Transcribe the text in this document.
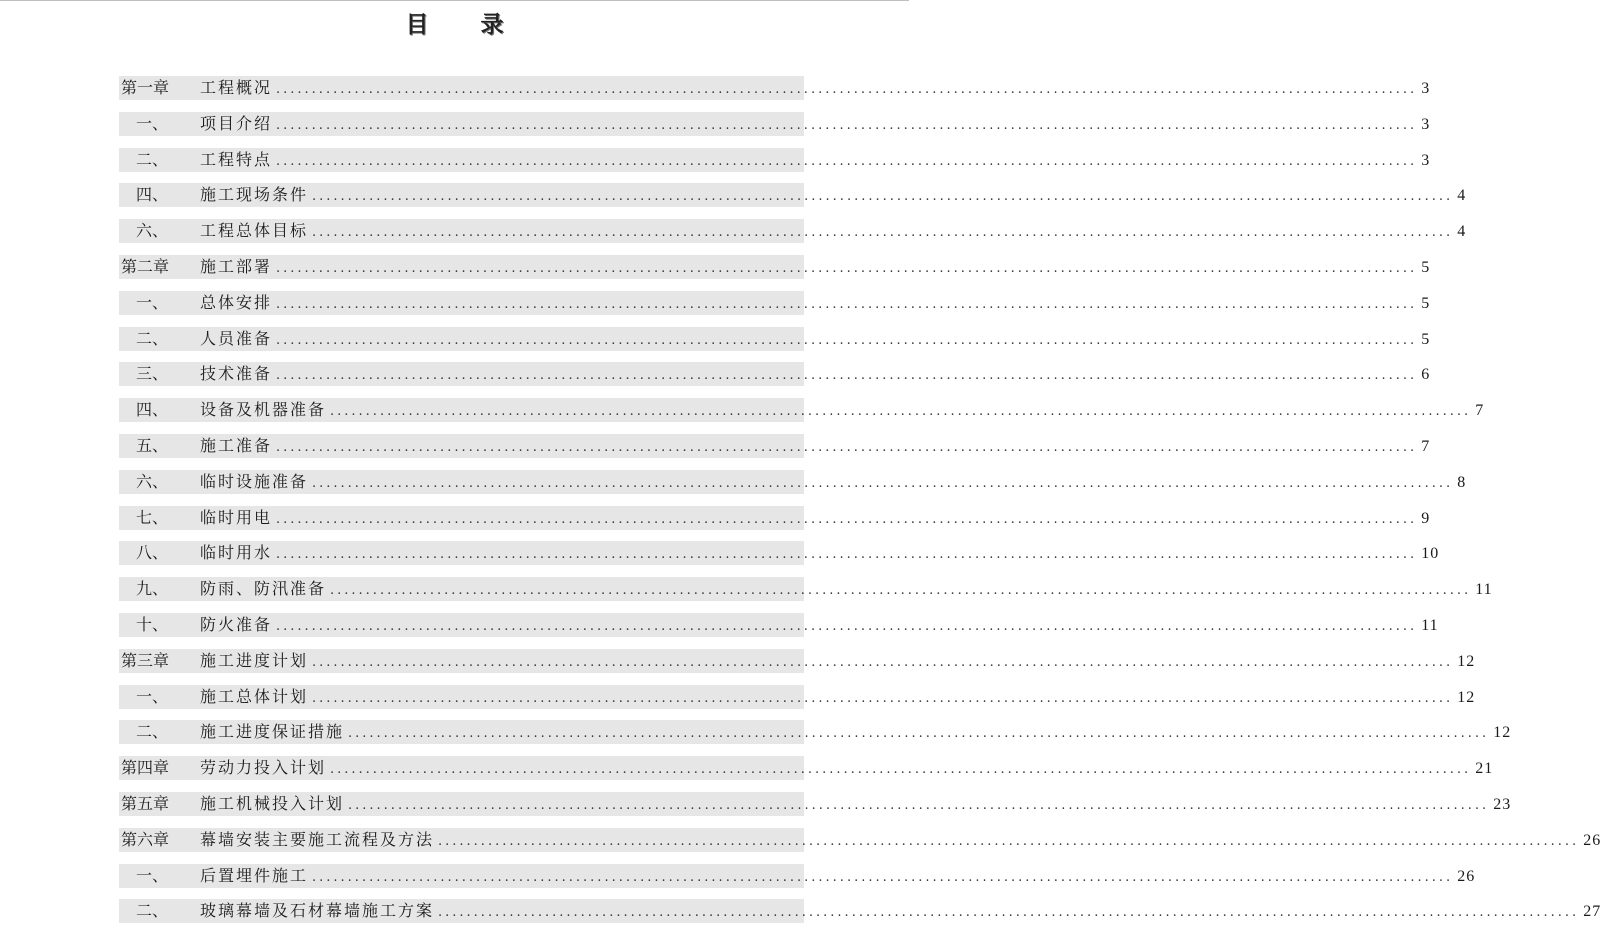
目录
第一章 工程概况 ................................................................................................................................................................ 3
一、 项目介绍 ................................................................................................................................................................ 3
二、 工程特点 ................................................................................................................................................................ 3
四、 施工现场条件 ................................................................................................................................................................ 4
六、 工程总体目标 ................................................................................................................................................................ 4
第二章 施工部署 ................................................................................................................................................................ 5
一、 总体安排 ................................................................................................................................................................ 5
二、 人员准备 ................................................................................................................................................................ 5
三、 技术准备 ................................................................................................................................................................ 6
四、 设备及机器准备 ................................................................................................................................................................ 7
五、 施工准备 ................................................................................................................................................................ 7
六、 临时设施准备 ................................................................................................................................................................ 8
七、 临时用电 ................................................................................................................................................................ 9
八、 临时用水 ................................................................................................................................................................ 10
九、 防雨、防汛准备 ................................................................................................................................................................ 11
十、 防火准备 ................................................................................................................................................................ 11
第三章 施工进度计划 ................................................................................................................................................................ 12
一、 施工总体计划 ................................................................................................................................................................ 12
二、 施工进度保证措施 ................................................................................................................................................................ 12
第四章 劳动力投入计划 ................................................................................................................................................................ 21
第五章 施工机械投入计划 ................................................................................................................................................................ 23
第六章 幕墙安装主要施工流程及方法 ................................................................................................................................................................ 26
一、 后置埋件施工 ................................................................................................................................................................ 26
二、 玻璃幕墙及石材幕墙施工方案 ................................................................................................................................................................ 27
